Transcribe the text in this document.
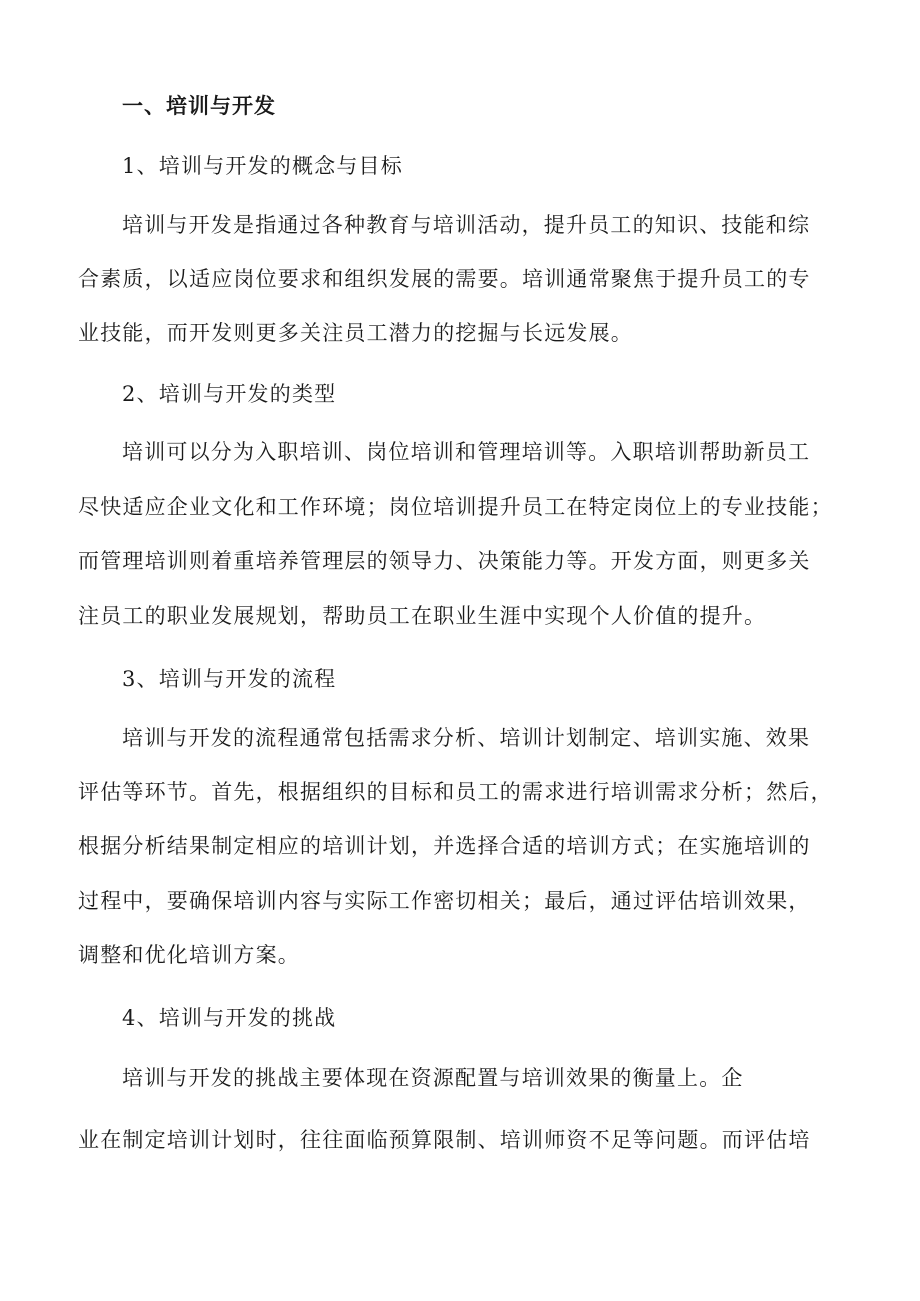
一、培训与开发
1、培训与开发的概念与目标
培训与开发是指通过各种教育与培训活动，提升员工的知识、技能和综
合素质，以适应岗位要求和组织发展的需要。培训通常聚焦于提升员工的专
业技能，而开发则更多关注员工潜力的挖掘与长远发展。
2、培训与开发的类型
培训可以分为入职培训、岗位培训和管理培训等。入职培训帮助新员工
尽快适应企业文化和工作环境；岗位培训提升员工在特定岗位上的专业技能；
而管理培训则着重培养管理层的领导力、决策能力等。开发方面，则更多关
注员工的职业发展规划，帮助员工在职业生涯中实现个人价值的提升。
3、培训与开发的流程
培训与开发的流程通常包括需求分析、培训计划制定、培训实施、效果
评估等环节。首先，根据组织的目标和员工的需求进行培训需求分析；然后，
根据分析结果制定相应的培训计划，并选择合适的培训方式；在实施培训的
过程中，要确保培训内容与实际工作密切相关；最后，通过评估培训效果，
调整和优化培训方案。
4、培训与开发的挑战
培训与开发的挑战主要体现在资源配置与培训效果的衡量上。企
业在制定培训计划时，往往面临预算限制、培训师资不足等问题。而评估培
